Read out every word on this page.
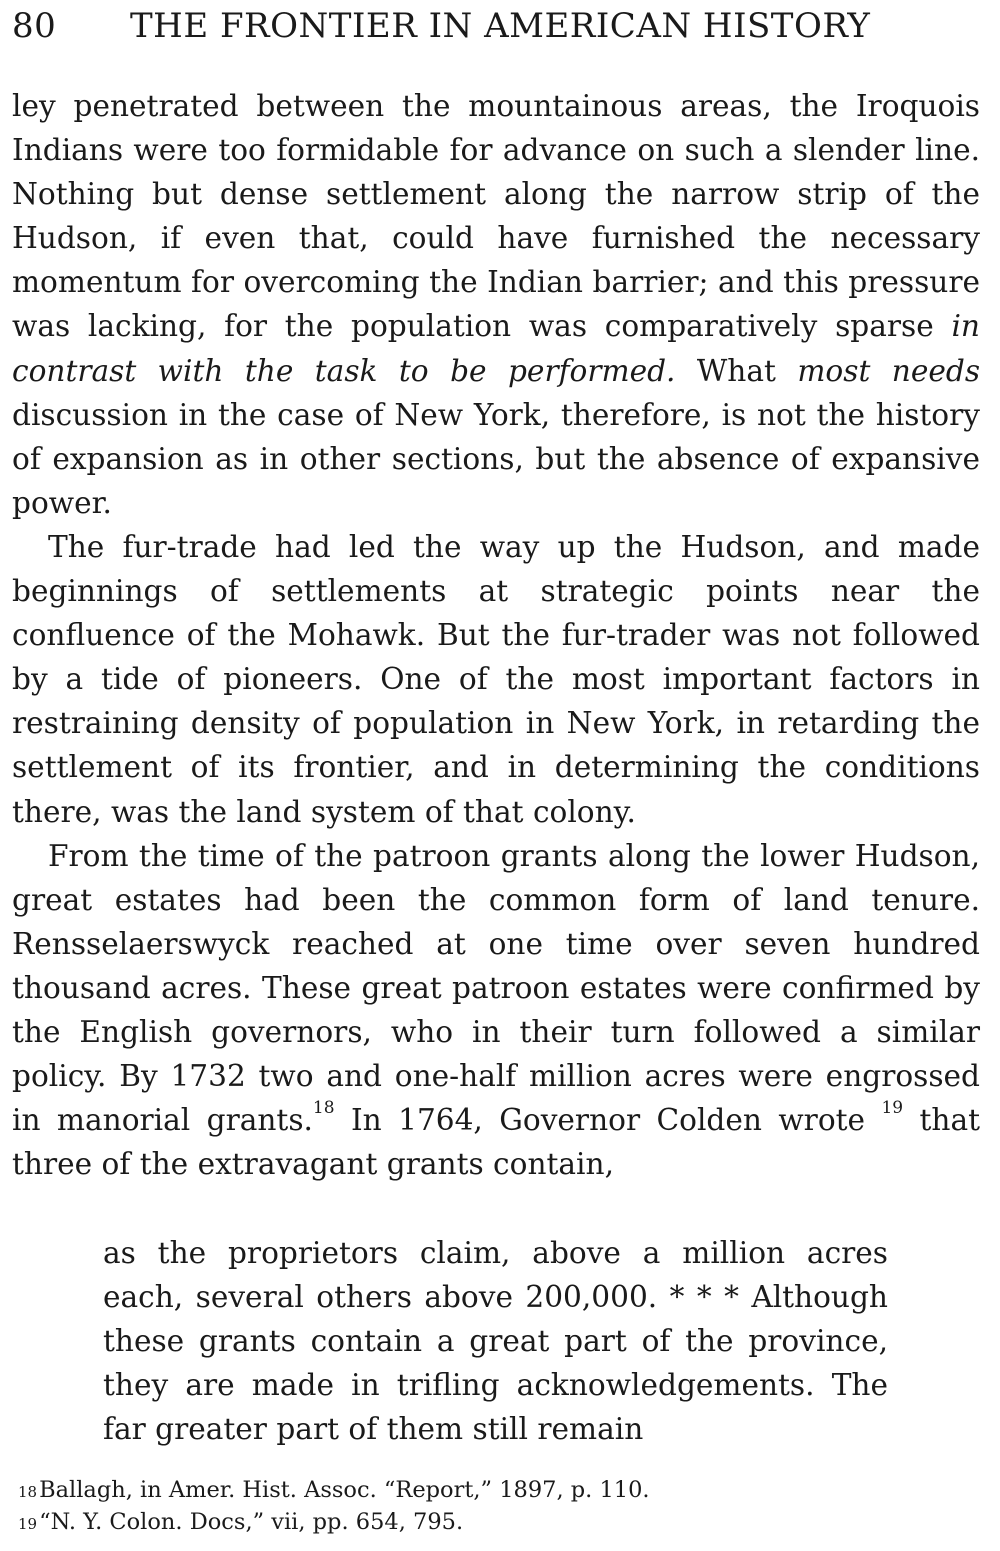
80 THE FRONTIER IN AMERICAN HISTORY

ley penetrated between the mountainous areas, the Iroquois Indians were too formidable for advance on such a slender line. Nothing but dense settlement along the narrow strip of the Hudson, if even that, could have furnished the necessary momentum for overcoming the Indian barrier; and this pressure was lacking, for the population was comparatively sparse in contrast with the task to be performed. What most needs discussion in the case of New York, therefore, is not the history of expansion as in other sections, but the absence of expansive power.

The fur-trade had led the way up the Hudson, and made beginnings of settlements at strategic points near the confluence of the Mohawk. But the fur-trader was not followed by a tide of pioneers. One of the most important factors in restraining density of population in New York, in retarding the settlement of its frontier, and in determining the conditions there, was the land system of that colony.

From the time of the patroon grants along the lower Hudson, great estates had been the common form of land tenure. Rensselaerswyck reached at one time over seven hundred thousand acres. These great patroon estates were confirmed by the English governors, who in their turn followed a similar policy. By 1732 two and one-half million acres were engrossed in manorial grants.$^{18}$ In 1764, Governor Colden wrote $^{19}$ that three of the extravagant grants contain,

as the proprietors claim, above a million acres each, several others above 200,000. * * * Although these grants contain a great part of the province, they are made in trifling acknowledgements. The far greater part of them still remain

$^{18}$Ballagh, in Amer. Hist. Assoc. “Report,” 1897, p. 110.
$^{19}$“N. Y. Colon. Docs,” vii, pp. 654, 795.
